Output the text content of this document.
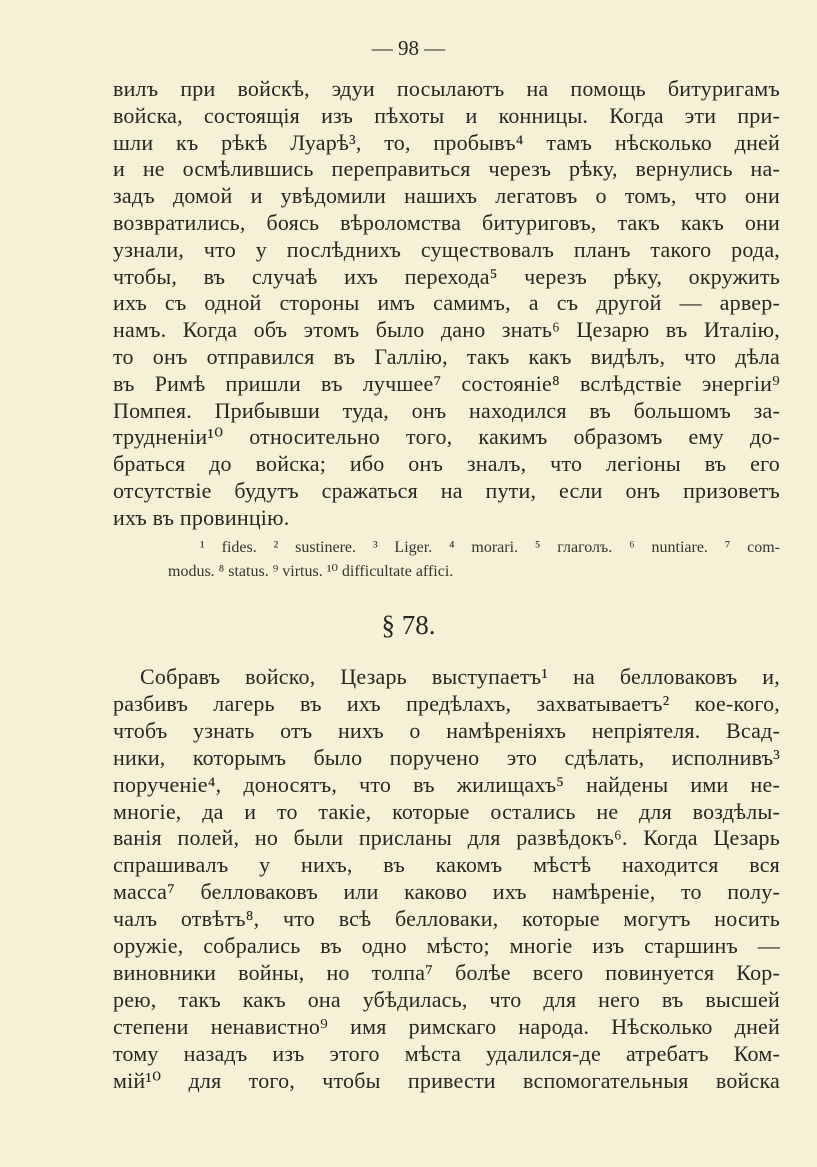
— 98 —
вилъ при войскѣ, эдуи посылаютъ на помощь битуригамъ
войска, состоящія изъ пѣхоты и конницы. Когда эти при-
шли къ рѣкѣ Луарѣ³, то, пробывъ⁴ тамъ нѣсколько дней
и не осмѣлившись переправиться черезъ рѣку, вернулись на-
задъ домой и увѣдомили нашихъ легатовъ о томъ, что они
возвратились, боясь вѣроломства битуриговъ, такъ какъ они
узнали, что у послѣднихъ существовалъ планъ такого рода,
чтобы, въ случаѣ ихъ перехода⁵ черезъ рѣку, окружить
ихъ съ одной стороны имъ самимъ, а съ другой — арвер-
намъ. Когда объ этомъ было дано знать⁶ Цезарю въ Италію,
то онъ отправился въ Галлію, такъ какъ видѣлъ, что дѣла
въ Римѣ пришли въ лучшее⁷ состояніе⁸ вслѣдствіе энергіи⁹
Помпея. Прибывши туда, онъ находился въ большомъ за-
трудненіи¹⁰ относительно того, какимъ образомъ ему до-
браться до войска; ибо онъ зналъ, что легіоны въ его
отсутствіе будутъ сражаться на пути, если онъ призоветъ
ихъ въ провинцію.
¹ fides. ² sustinere. ³ Liger. ⁴ morari. ⁵ глаголъ. ⁶ nuntiare. ⁷ com-
modus. ⁸ status. ⁹ virtus. ¹⁰ difficultate affici.
§ 78.
Собравъ войско, Цезарь выступаетъ¹ на белловаковъ и,
разбивъ лагерь въ ихъ предѣлахъ, захватываетъ² кое-кого,
чтобъ узнать отъ нихъ о намѣреніяхъ непріятеля. Всад-
ники, которымъ было поручено это сдѣлать, исполнивъ³
порученіе⁴, доносятъ, что въ жилищахъ⁵ найдены ими не-
многіе, да и то такіе, которые остались не для воздѣлы-
ванія полей, но были присланы для развѣдокъ⁶. Когда Цезарь
спрашивалъ у нихъ, въ какомъ мѣстѣ находится вся
масса⁷ белловаковъ или каково ихъ намѣреніе, то полу-
чалъ отвѣтъ⁸, что всѣ белловаки, которые могутъ носить
оружіе, собрались въ одно мѣсто; многіе изъ старшинъ —
виновники войны, но толпа⁷ болѣе всего повинуется Кор-
рею, такъ какъ она убѣдилась, что для него въ высшей
степени ненавистно⁹ имя римскаго народа. Нѣсколько дней
тому назадъ изъ этого мѣста удалился-де атребатъ Ком-
мій¹⁰ для того, чтобы привести вспомогательныя войска
